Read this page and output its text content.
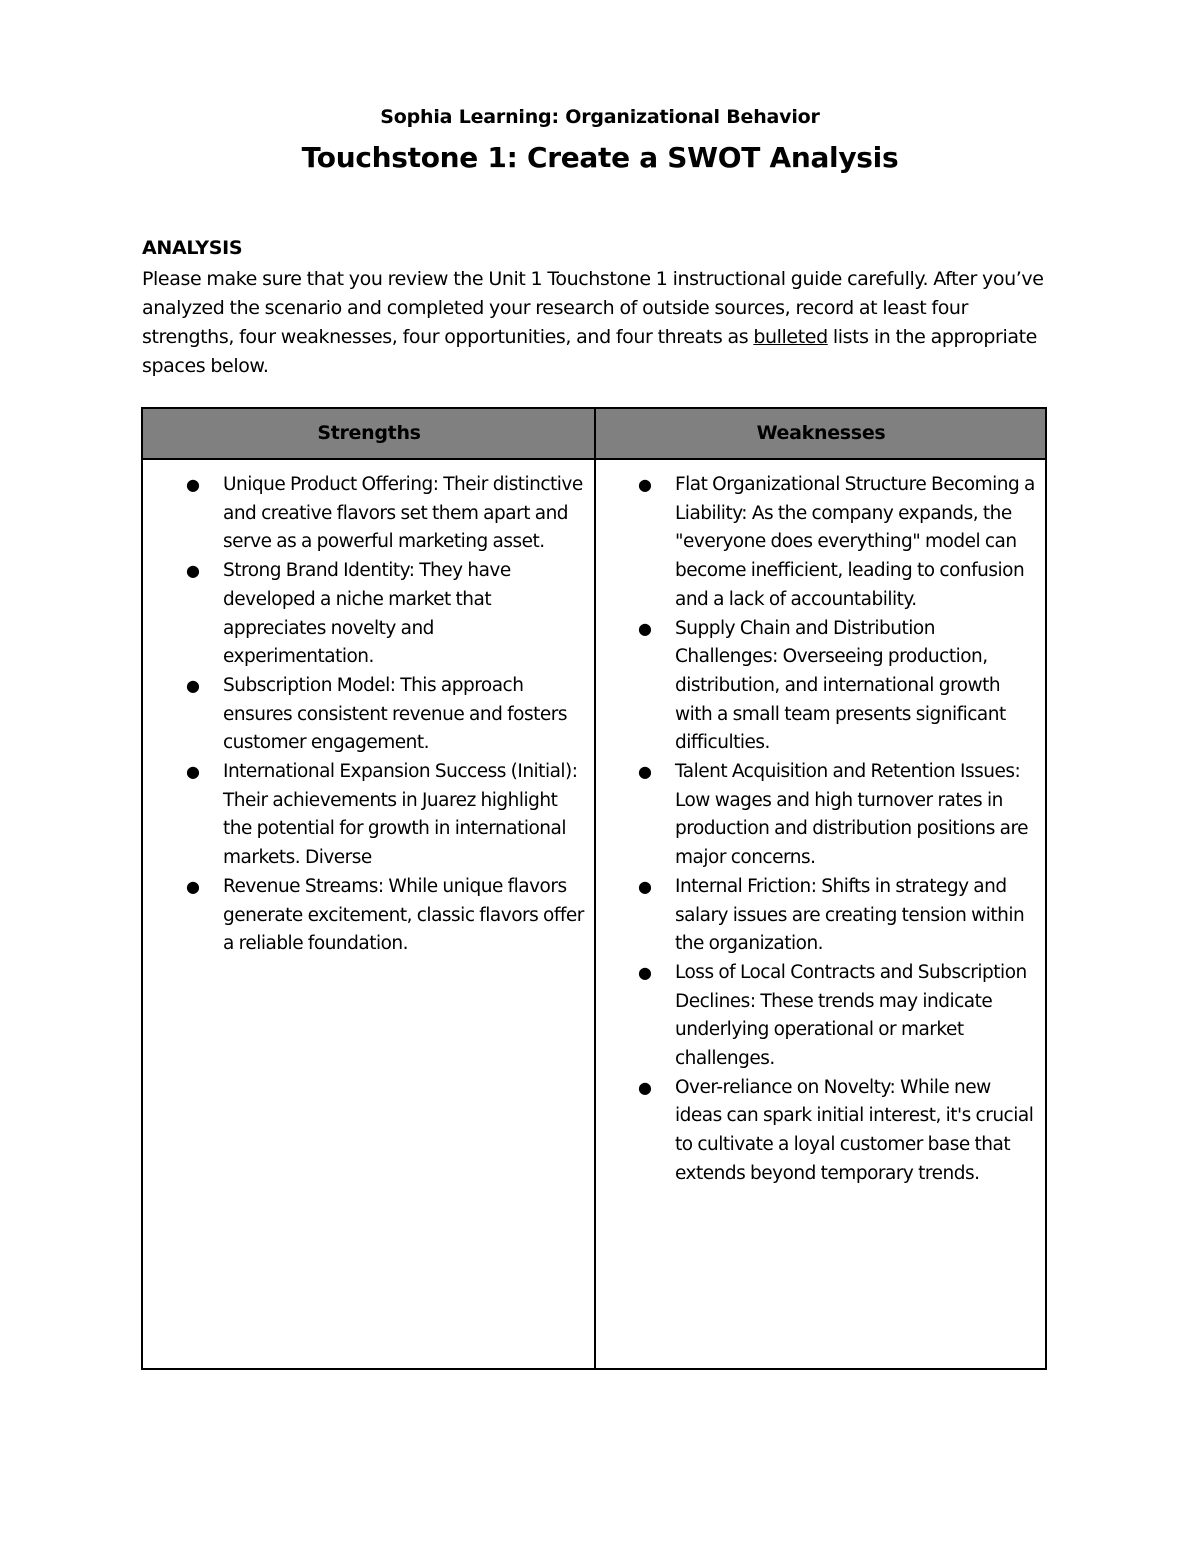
Sophia Learning: Organizational Behavior
Touchstone 1: Create a SWOT Analysis
ANALYSIS
Please make sure that you review the Unit 1 Touchstone 1 instructional guide carefully. After you’ve analyzed the scenario and completed your research of outside sources, record at least four strengths, four weaknesses, four opportunities, and four threats as bulleted lists in the appropriate spaces below.
Strengths	Weaknesses
● Unique Product Offering: Their distinctive and creative flavors set them apart and serve as a powerful marketing asset.
● Strong Brand Identity: They have developed a niche market that appreciates novelty and experimentation.
● Subscription Model: This approach ensures consistent revenue and fosters customer engagement.
● International Expansion Success (Initial): Their achievements in Juarez highlight the potential for growth in international markets. Diverse
● Revenue Streams: While unique flavors generate excitement, classic flavors offer a reliable foundation.
● Flat Organizational Structure Becoming a Liability: As the company expands, the "everyone does everything" model can become inefficient, leading to confusion and a lack of accountability.
● Supply Chain and Distribution Challenges: Overseeing production, distribution, and international growth with a small team presents significant difficulties.
● Talent Acquisition and Retention Issues: Low wages and high turnover rates in production and distribution positions are major concerns.
● Internal Friction: Shifts in strategy and salary issues are creating tension within the organization.
● Loss of Local Contracts and Subscription Declines: These trends may indicate underlying operational or market challenges.
● Over-reliance on Novelty: While new ideas can spark initial interest, it's crucial to cultivate a loyal customer base that extends beyond temporary trends.
